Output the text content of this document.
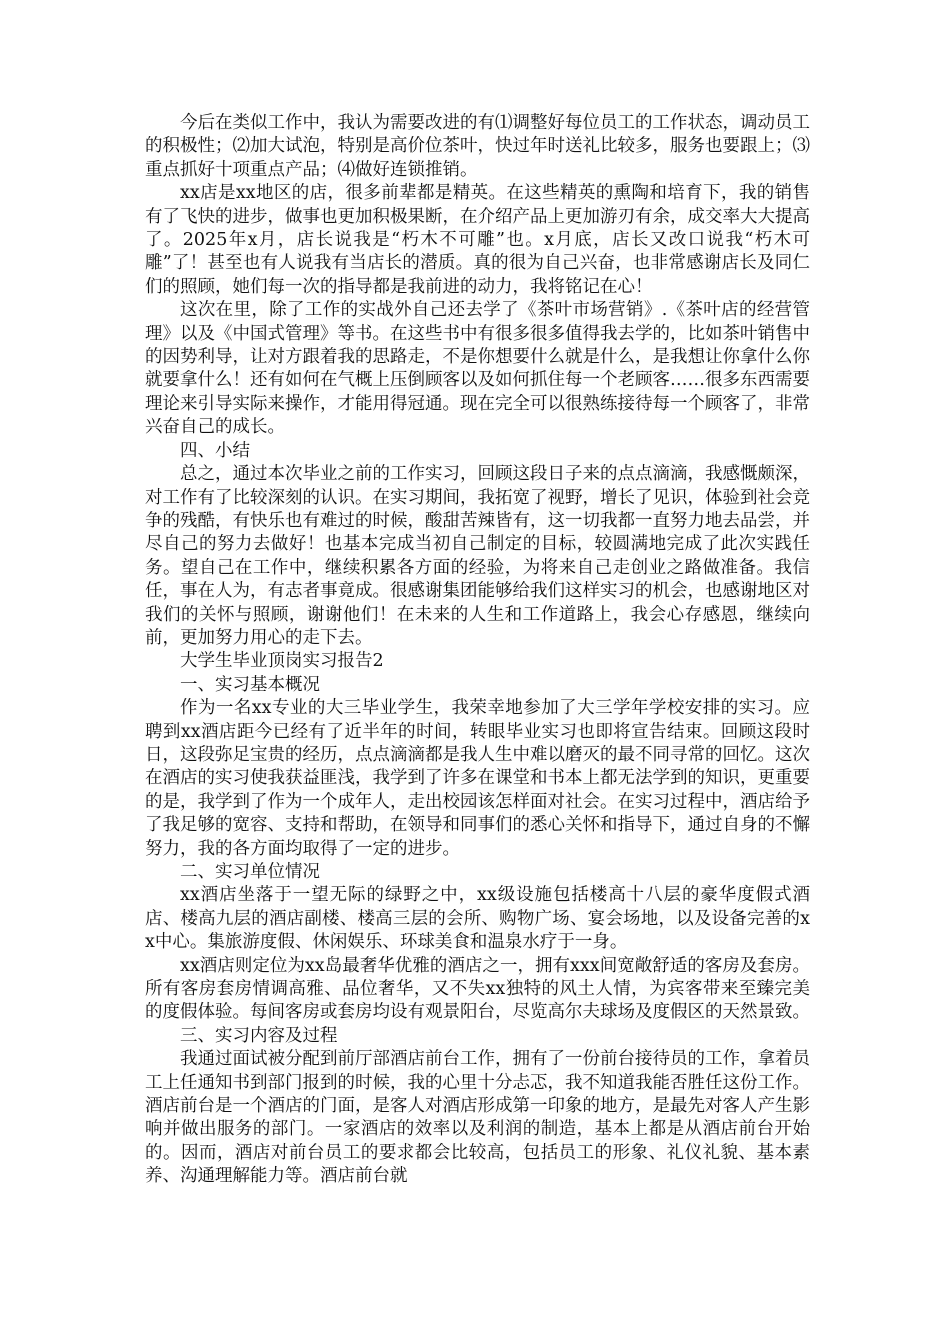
今后在类似工作中，我认为需要改进的有⑴调整好每位员工的工作状态，调动员工的积极性；⑵加大试泡，特别是高价位茶叶，快过年时送礼比较多，服务也要跟上；⑶重点抓好十项重点产品；⑷做好连锁推销。

xx店是xx地区的店，很多前辈都是精英。在这些精英的熏陶和培育下，我的销售有了飞快的进步，做事也更加积极果断，在介绍产品上更加游刃有余，成交率大大提高了。2025年x月，店长说我是“朽木不可雕”也。x月底，店长又改口说我“朽木可雕”了！甚至也有人说我有当店长的潜质。真的很为自己兴奋，也非常感谢店长及同仁们的照顾，她们每一次的指导都是我前进的动力，我将铭记在心！

这次在里，除了工作的实战外自己还去学了《茶叶市场营销》.《茶叶店的经营管理》以及《中国式管理》等书。在这些书中有很多很多值得我去学的，比如茶叶销售中的因势利导，让对方跟着我的思路走，不是你想要什么就是什么，是我想让你拿什么你就要拿什么！还有如何在气概上压倒顾客以及如何抓住每一个老顾客……很多东西需要理论来引导实际来操作，才能用得冠通。现在完全可以很熟练接待每一个顾客了，非常兴奋自己的成长。

四、小结

总之，通过本次毕业之前的工作实习，回顾这段日子来的点点滴滴，我感慨颇深，对工作有了比较深刻的认识。在实习期间，我拓宽了视野，增长了见识，体验到社会竞争的残酷，有快乐也有难过的时候，酸甜苦辣皆有，这一切我都一直努力地去品尝，并尽自己的努力去做好！也基本完成当初自己制定的目标，较圆满地完成了此次实践任务。望自己在工作中，继续积累各方面的经验，为将来自己走创业之路做准备。我信任，事在人为，有志者事竟成。很感谢集团能够给我们这样实习的机会，也感谢地区对我们的关怀与照顾，谢谢他们！在未来的人生和工作道路上，我会心存感恩，继续向前，更加努力用心的走下去。

大学生毕业顶岗实习报告2

一、实习基本概况

作为一名xx专业的大三毕业学生，我荣幸地参加了大三学年学校安排的实习。应聘到xx酒店距今已经有了近半年的时间，转眼毕业实习也即将宣告结束。回顾这段时日，这段弥足宝贵的经历，点点滴滴都是我人生中难以磨灭的最不同寻常的回忆。这次在酒店的实习使我获益匪浅，我学到了许多在课堂和书本上都无法学到的知识，更重要的是，我学到了作为一个成年人，走出校园该怎样面对社会。在实习过程中，酒店给予了我足够的宽容、支持和帮助，在领导和同事们的悉心关怀和指导下，通过自身的不懈努力，我的各方面均取得了一定的进步。

二、实习单位情况

xx酒店坐落于一望无际的绿野之中，xx级设施包括楼高十八层的豪华度假式酒店、楼高九层的酒店副楼、楼高三层的会所、购物广场、宴会场地，以及设备完善的xx中心。集旅游度假、休闲娱乐、环球美食和温泉水疗于一身。

xx酒店则定位为xx岛最奢华优雅的酒店之一，拥有xxx间宽敞舒适的客房及套房。所有客房套房情调高雅、品位奢华，又不失xx独特的风土人情，为宾客带来至臻完美的度假体验。每间客房或套房均设有观景阳台，尽览高尔夫球场及度假区的天然景致。

三、实习内容及过程

我通过面试被分配到前厅部酒店前台工作，拥有了一份前台接待员的工作，拿着员工上任通知书到部门报到的时候，我的心里十分忐忑，我不知道我能否胜任这份工作。酒店前台是一个酒店的门面，是客人对酒店形成第一印象的地方，是最先对客人产生影响并做出服务的部门。一家酒店的效率以及利润的制造，基本上都是从酒店前台开始的。因而，酒店对前台员工的要求都会比较高，包括员工的形象、礼仪礼貌、基本素养、沟通理解能力等。酒店前台就
